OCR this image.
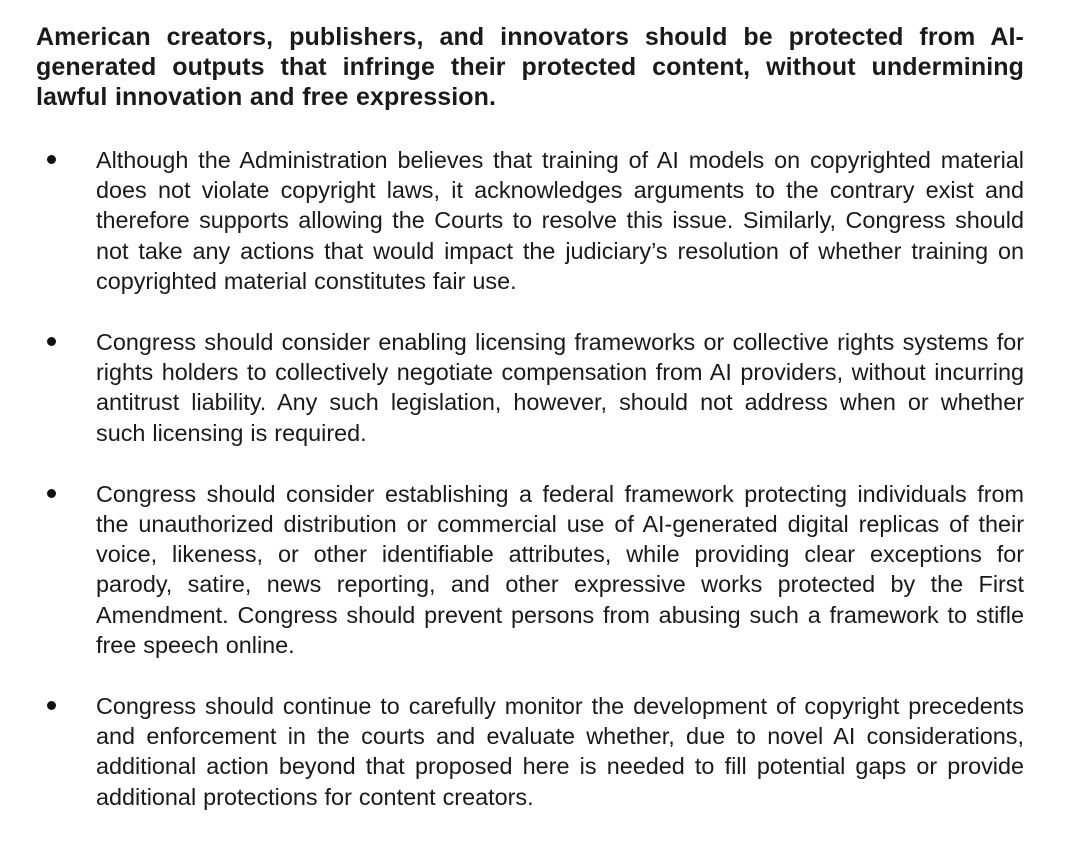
American creators, publishers, and innovators should be protected from AI-generated outputs that infringe their protected content, without undermining lawful innovation and free expression.

Although the Administration believes that training of AI models on copyrighted material does not violate copyright laws, it acknowledges arguments to the contrary exist and therefore supports allowing the Courts to resolve this issue. Similarly, Congress should not take any actions that would impact the judiciary’s resolution of whether training on copyrighted material constitutes fair use.
Congress should consider enabling licensing frameworks or collective rights systems for rights holders to collectively negotiate compensation from AI providers, without incurring antitrust liability. Any such legislation, however, should not address when or whether such licensing is required.
Congress should consider establishing a federal framework protecting individuals from the unauthorized distribution or commercial use of AI-generated digital replicas of their voice, likeness, or other identifiable attributes, while providing clear exceptions for parody, satire, news reporting, and other expressive works protected by the First Amendment. Congress should prevent persons from abusing such a framework to stifle free speech online.
Congress should continue to carefully monitor the development of copyright precedents and enforcement in the courts and evaluate whether, due to novel AI considerations, additional action beyond that proposed here is needed to fill potential gaps or provide additional protections for content creators.
